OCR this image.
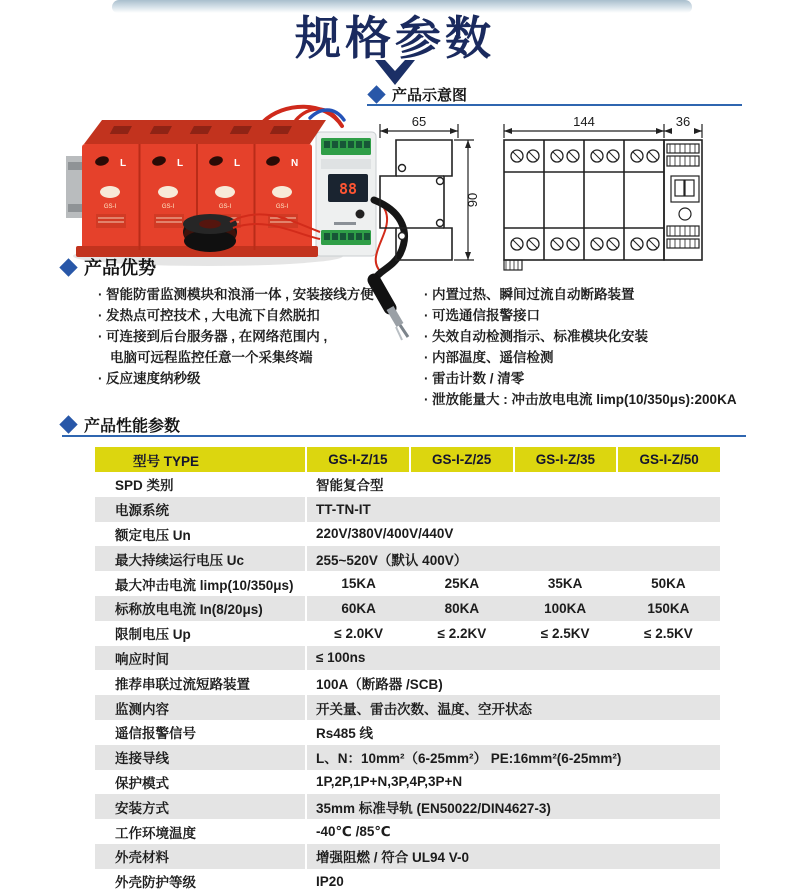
规格参数
产品示意图
88
L
GS-I
L
GS-I
L
GS-I
N
GS-I
65
90
144	36
产品优势
· 智能防雷监测模块和浪涌一体 , 安装接线方便
· 发热点可控技术 , 大电流下自然脱扣
· 可连接到后台服务器 , 在网络范围内 ,
电脑可远程监控任意一个采集终端
· 反应速度纳秒级
· 内置过热、瞬间过流自动断路装置
· 可选通信报警接口
· 失效自动检测指示、标准模块化安装
· 内部温度、遥信检测
· 雷击计数 / 清零
· 泄放能量大 : 冲击放电电流 limp(10/350μs):200KA
产品性能参数
型号 TYPE	GS-I-Z/15	GS-I-Z/25	GS-I-Z/35	GS-I-Z/50
SPD 类别	智能复合型
电源系统	TT-TN-IT
额定电压 Un	220V/380V/400V/440V
最大持续运行电压 Uc	255~520V（默认 400V）
最大冲击电流 limp(10/350μs)	15KA	25KA	35KA	50KA
标称放电电流 In(8/20μs)	60KA	80KA	100KA	150KA
限制电压 Up	≤ 2.0KV	≤ 2.2KV	≤ 2.5KV	≤ 2.5KV
响应时间	≤ 100ns
推荐串联过流短路装置	100A（断路器 /SCB)
监测内容	开关量、雷击次数、温度、空开状态
遥信报警信号	Rs485 线
连接导线	L、N：10mm²（6-25mm²） PE:16mm²(6-25mm²)
保护模式	1P,2P,1P+N,3P,4P,3P+N
安装方式	35mm 标准导轨 (EN50022/DIN4627-3)
工作环境温度	-40℃ /85℃
外壳材料	增强阻燃 / 符合 UL94 V-0
外壳防护等级	IP20
